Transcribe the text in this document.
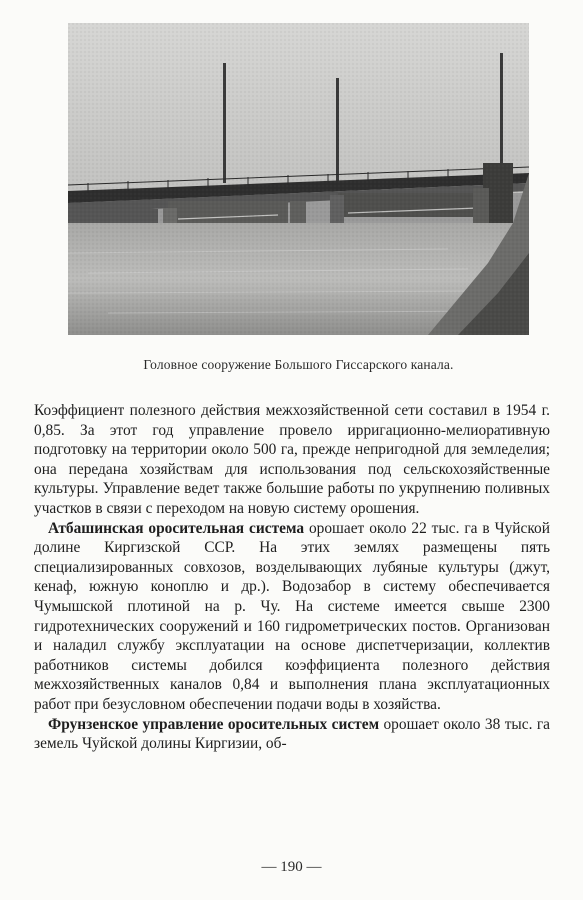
Головное сооружение Большого Гиссарского канала.

Коэффициент полезного действия межхозяйственной сети составил в 1954 г. 0,85. За этот год управление провело ирригационно-мелиоративную подготовку на территории около 500 га, прежде непригодной для земледелия; она передана хозяйствам для использования под сельскохозяйственные культуры. Управление ведет также большие работы по укрупнению поливных участков в связи с переходом на новую систему орошения.

Атбашинская оросительная система орошает около 22 тыс. га в Чуйской долине Киргизской ССР. На этих землях размещены пять специализированных совхозов, возделывающих лубяные культуры (джут, кенаф, южную коноплю и др.). Водозабор в систему обеспечивается Чумышской плотиной на р. Чу. На системе имеется свыше 2300 гидротехнических сооружений и 160 гидрометрических постов. Организован и наладил службу эксплуатации на основе диспетчеризации, коллектив работников системы добился коэффициента полезного действия межхозяйственных каналов 0,84 и выполнения плана эксплуатационных работ при безусловном обеспечении подачи воды в хозяйства.

Фрунзенское управление оросительных систем орошает около 38 тыс. га земель Чуйской долины Киргизии, об-

— 190 —
